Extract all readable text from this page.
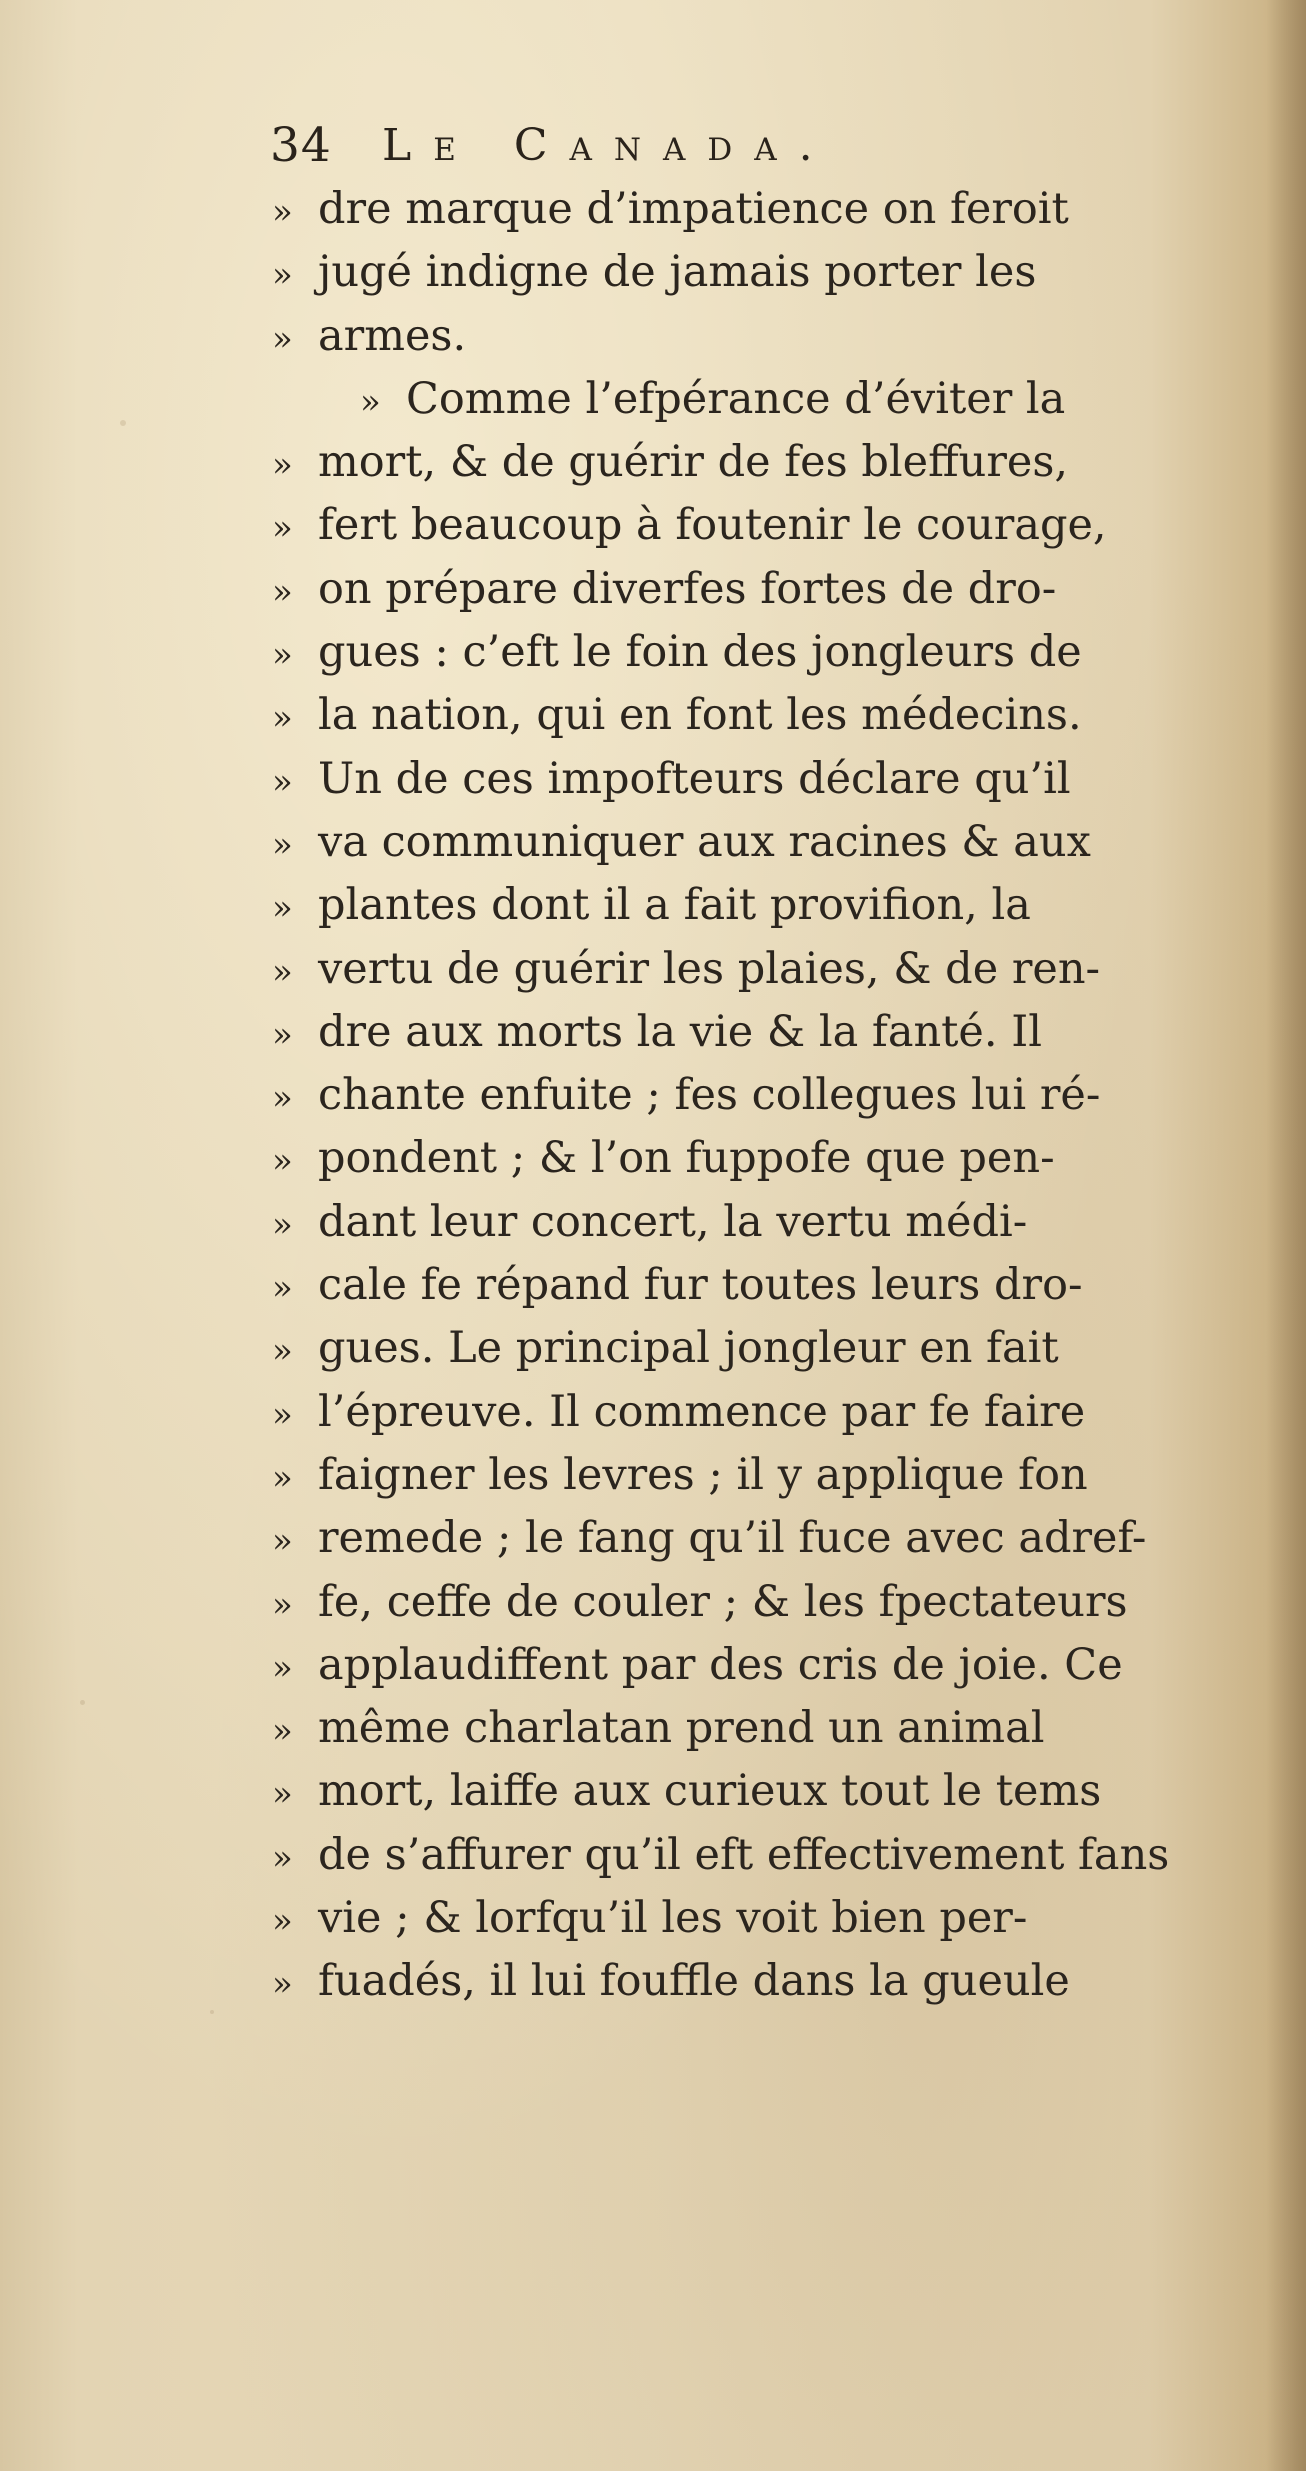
34 Le Canada.
» dre marque d’impatience on feroit
» jugé indigne de jamais porter les
» armes.
» Comme l’efpérance d’éviter la
» mort, & de guérir de fes bleffures,
» fert beaucoup à foutenir le courage,
» on prépare diverfes fortes de dro-
» gues : c’eft le foin des jongleurs de
» la nation, qui en font les médecins.
» Un de ces impofteurs déclare qu’il
» va communiquer aux racines & aux
» plantes dont il a fait provifion, la
» vertu de guérir les plaies, & de ren-
» dre aux morts la vie & la fanté. Il
» chante enfuite ; fes collegues lui ré-
» pondent ; & l’on fuppofe que pen-
» dant leur concert, la vertu médi-
» cale fe répand fur toutes leurs dro-
» gues. Le principal jongleur en fait
» l’épreuve. Il commence par fe faire
» faigner les levres ; il y applique fon
» remede ; le fang qu’il fuce avec adref-
» fe, ceffe de couler ; & les fpectateurs
» applaudiffent par des cris de joie. Ce
» même charlatan prend un animal
» mort, laiffe aux curieux tout le tems
» de s’affurer qu’il eft effectivement fans
» vie ; & lorfqu’il les voit bien per-
» fuadés, il lui fouffle dans la gueule
